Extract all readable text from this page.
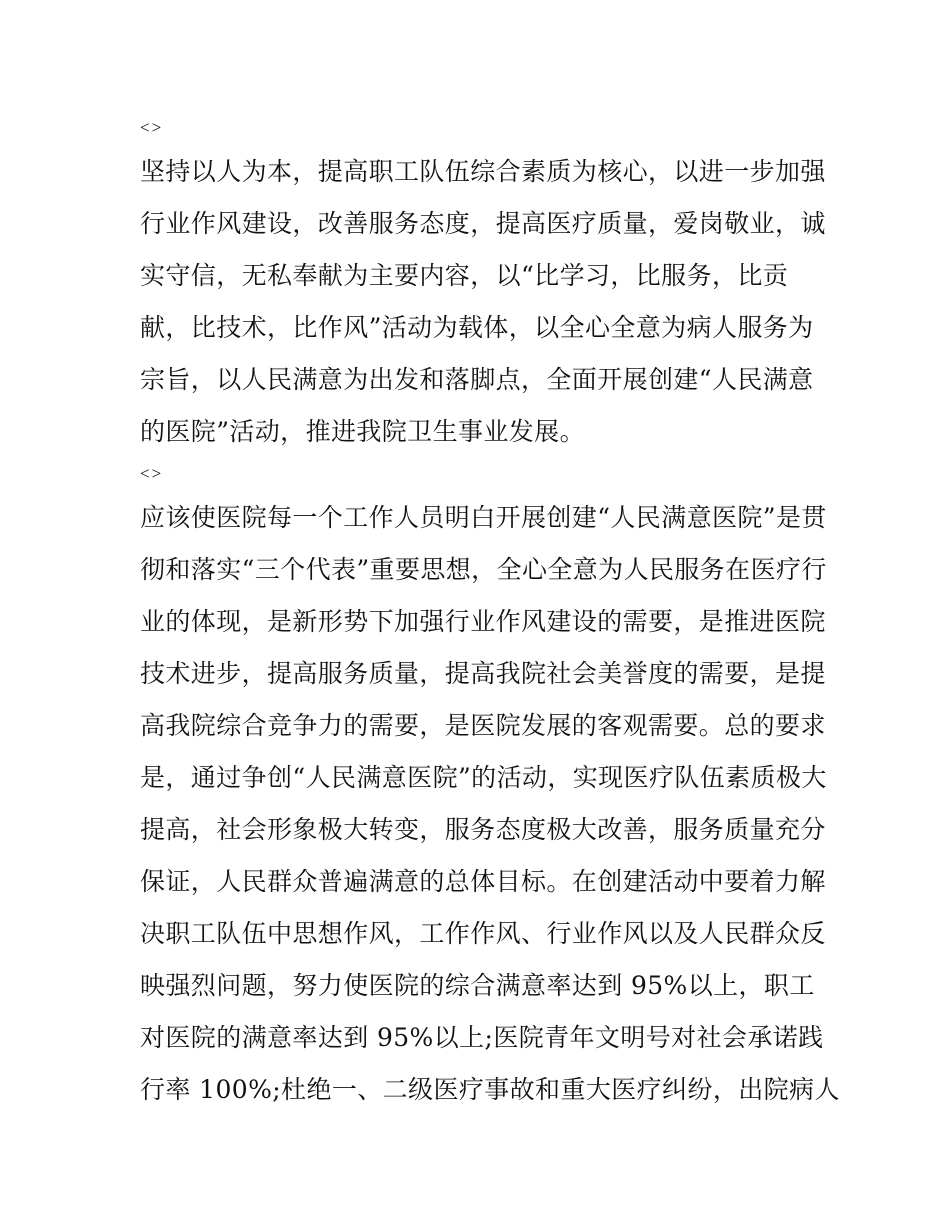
<>
坚持以人为本，提高职工队伍综合素质为核心，以进一步加强
行业作风建设，改善服务态度，提高医疗质量，爱岗敬业，诚
实守信，无私奉献为主要内容，以“比学习，比服务，比贡
献，比技术，比作风”活动为载体，以全心全意为病人服务为
宗旨，以人民满意为出发和落脚点，全面开展创建“人民满意
的医院”活动，推进我院卫生事业发展。
<>
应该使医院每一个工作人员明白开展创建“人民满意医院”是贯
彻和落实“三个代表”重要思想，全心全意为人民服务在医疗行
业的体现，是新形势下加强行业作风建设的需要，是推进医院
技术进步，提高服务质量，提高我院社会美誉度的需要，是提
高我院综合竞争力的需要，是医院发展的客观需要。总的要求
是，通过争创“人民满意医院”的活动，实现医疗队伍素质极大
提高，社会形象极大转变，服务态度极大改善，服务质量充分
保证，人民群众普遍满意的总体目标。在创建活动中要着力解
决职工队伍中思想作风，工作作风、行业作风以及人民群众反
映强烈问题，努力使医院的综合满意率达到 95%以上，职工
对医院的满意率达到 95%以上;医院青年文明号对社会承诺践
行率 100%;杜绝一、二级医疗事故和重大医疗纠纷，出院病人
